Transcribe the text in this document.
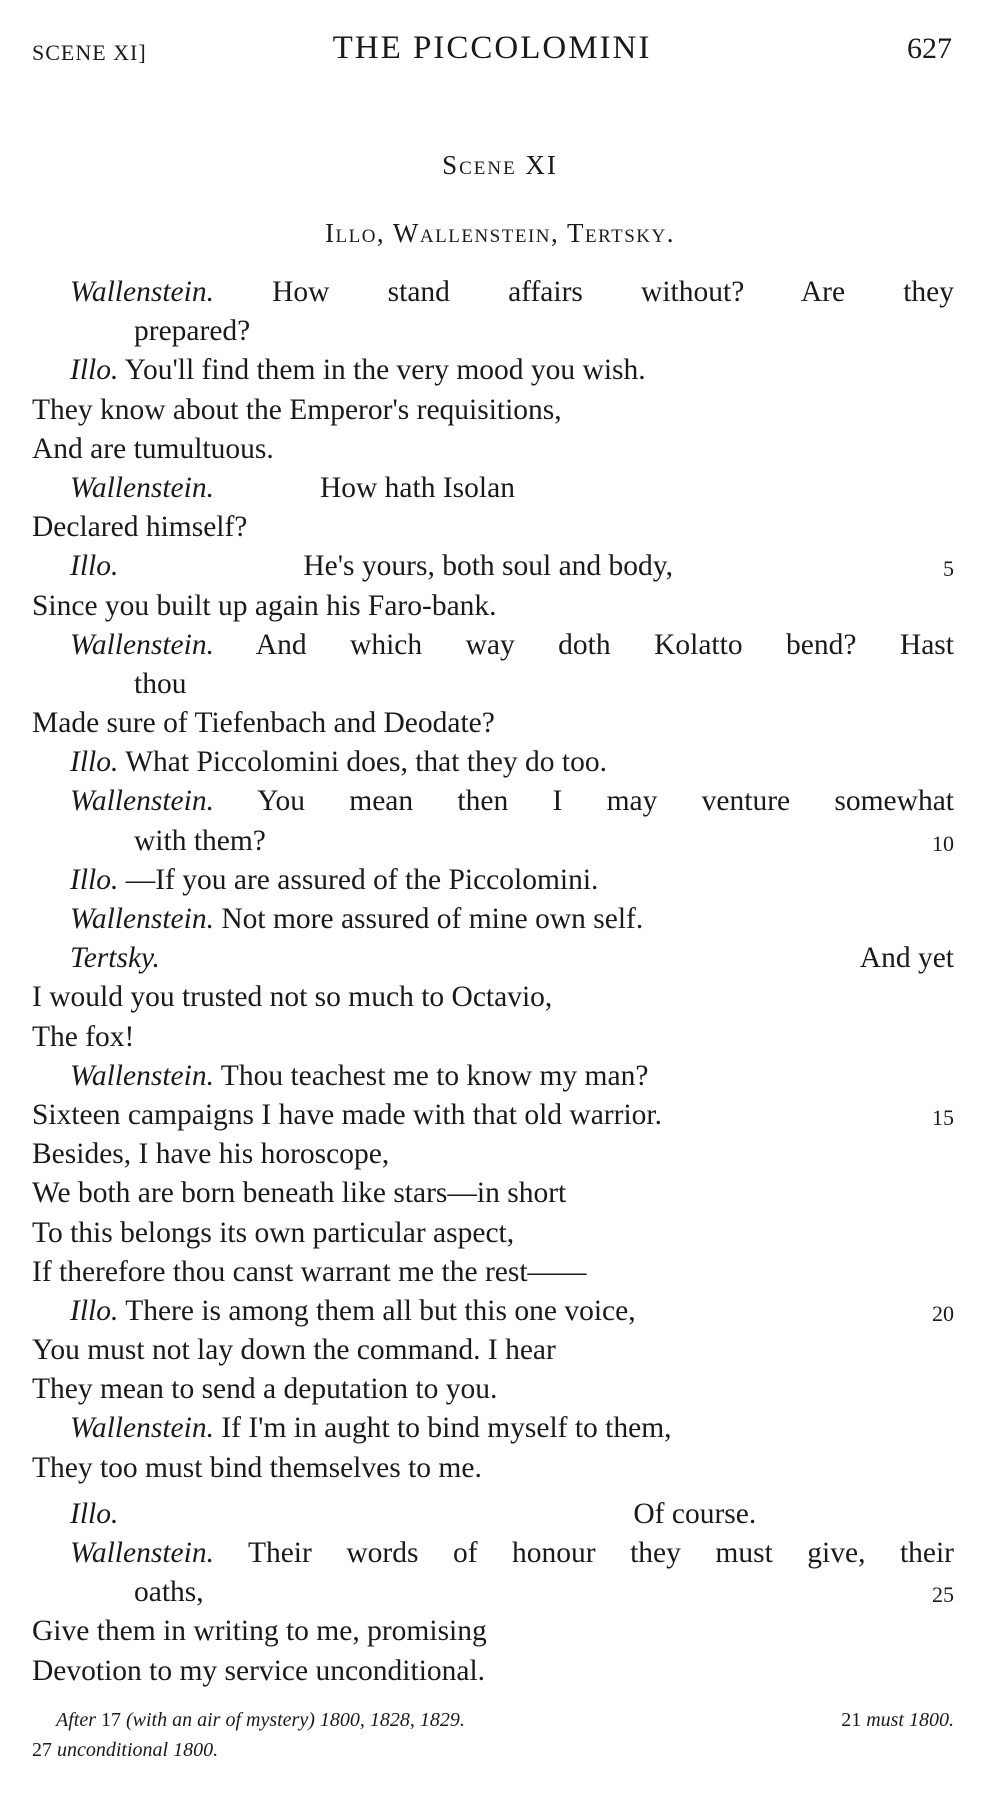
SCENE XI]	THE PICCOLOMINI	627
Scene XI
Illo, Wallenstein, Tertsky.
Wallenstein. How stand affairs without? Are they
prepared?
Illo. You'll find them in the very mood you wish.
They know about the Emperor's requisitions,
And are tumultuous.
Wallenstein.	How hath Isolan
Declared himself?
Illo.	He's yours, both soul and body,	5
Since you built up again his Faro-bank.
Wallenstein. And which way doth Kolatto bend? Hast
thou
Made sure of Tiefenbach and Deodate?
Illo. What Piccolomini does, that they do too.
Wallenstein. You mean then I may venture somewhat
with them?	10
Illo. —If you are assured of the Piccolomini.
Wallenstein. Not more assured of mine own self.
Tertsky.	And yet
I would you trusted not so much to Octavio,
The fox!
Wallenstein. Thou teachest me to know my man?
Sixteen campaigns I have made with that old warrior.	15
Besides, I have his horoscope,
We both are born beneath like stars—in short
To this belongs its own particular aspect,
If therefore thou canst warrant me the rest——
Illo. There is among them all but this one voice,	20
You must not lay down the command. I hear
They mean to send a deputation to you.
Wallenstein. If I'm in aught to bind myself to them,
They too must bind themselves to me.
Illo.	Of course.
Wallenstein. Their words of honour they must give, their
oaths,	25
Give them in writing to me, promising
Devotion to my service unconditional.
After 17 (with an air of mystery) 1800, 1828, 1829.	21 must 1800.
27 unconditional 1800.
